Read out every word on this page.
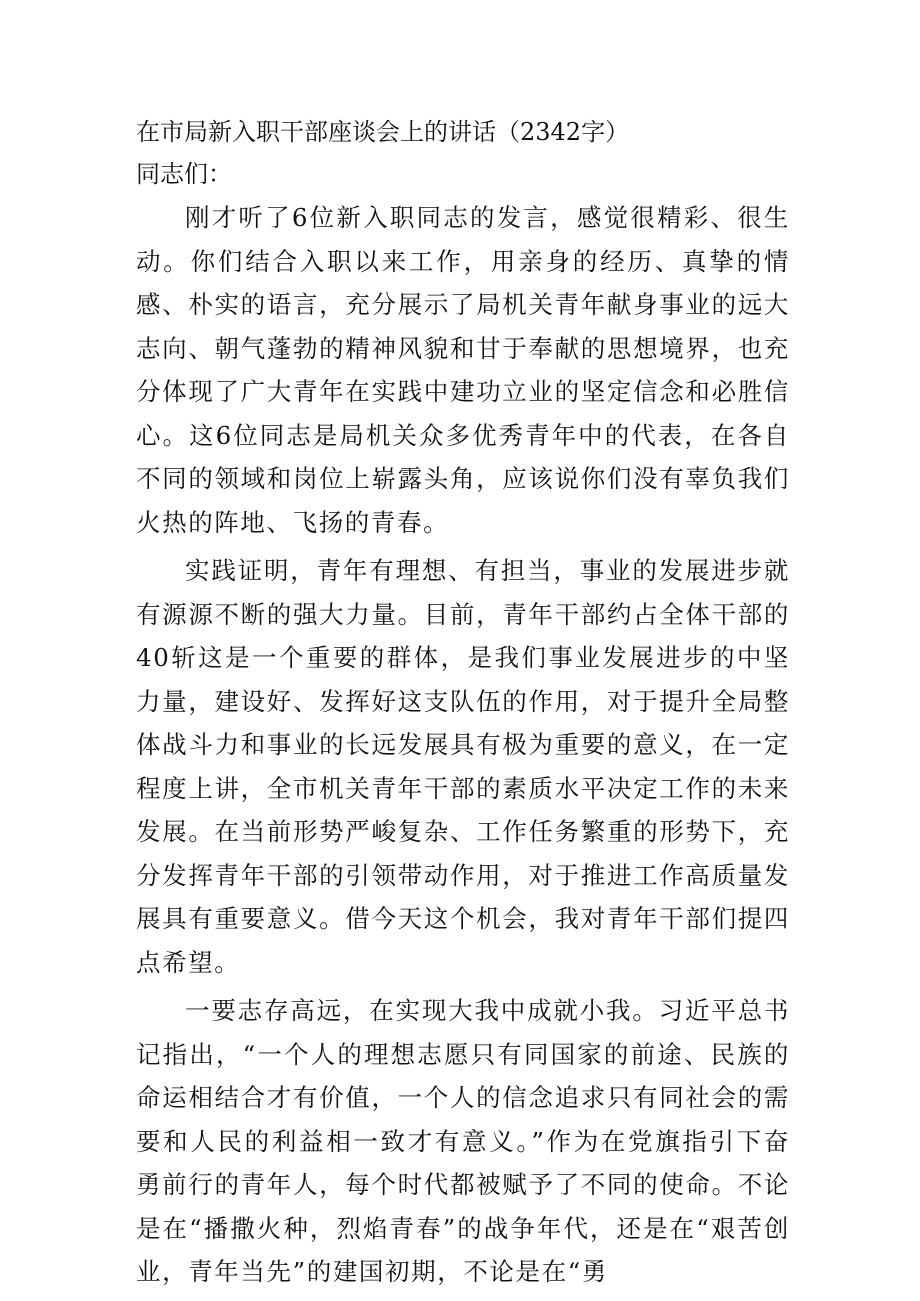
在市局新入职干部座谈会上的讲话（2342字）
同志们：

刚才听了6位新入职同志的发言，感觉很精彩、很生动。你们结合入职以来工作，用亲身的经历、真挚的情感、朴实的语言，充分展示了局机关青年献身事业的远大志向、朝气蓬勃的精神风貌和甘于奉献的思想境界，也充分体现了广大青年在实践中建功立业的坚定信念和必胜信心。这6位同志是局机关众多优秀青年中的代表，在各自不同的领域和岗位上崭露头角，应该说你们没有辜负我们火热的阵地、飞扬的青春。

实践证明，青年有理想、有担当，事业的发展进步就有源源不断的强大力量。目前，青年干部约占全体干部的40斩这是一个重要的群体，是我们事业发展进步的中坚力量，建设好、发挥好这支队伍的作用，对于提升全局整体战斗力和事业的长远发展具有极为重要的意义，在一定程度上讲，全市机关青年干部的素质水平决定工作的未来发展。在当前形势严峻复杂、工作任务繁重的形势下，充分发挥青年干部的引领带动作用，对于推进工作高质量发展具有重要意义。借今天这个机会，我对青年干部们提四点希望。

一要志存高远，在实现大我中成就小我。习近平总书记指出，“一个人的理想志愿只有同国家的前途、民族的命运相结合才有价值，一个人的信念追求只有同社会的需要和人民的利益相一致才有意义。”作为在党旗指引下奋勇前行的青年人，每个时代都被赋予了不同的使命。不论是在“播撒火种，烈焰青春”的战争年代，还是在“艰苦创业，青年当先”的建国初期，不论是在“勇
